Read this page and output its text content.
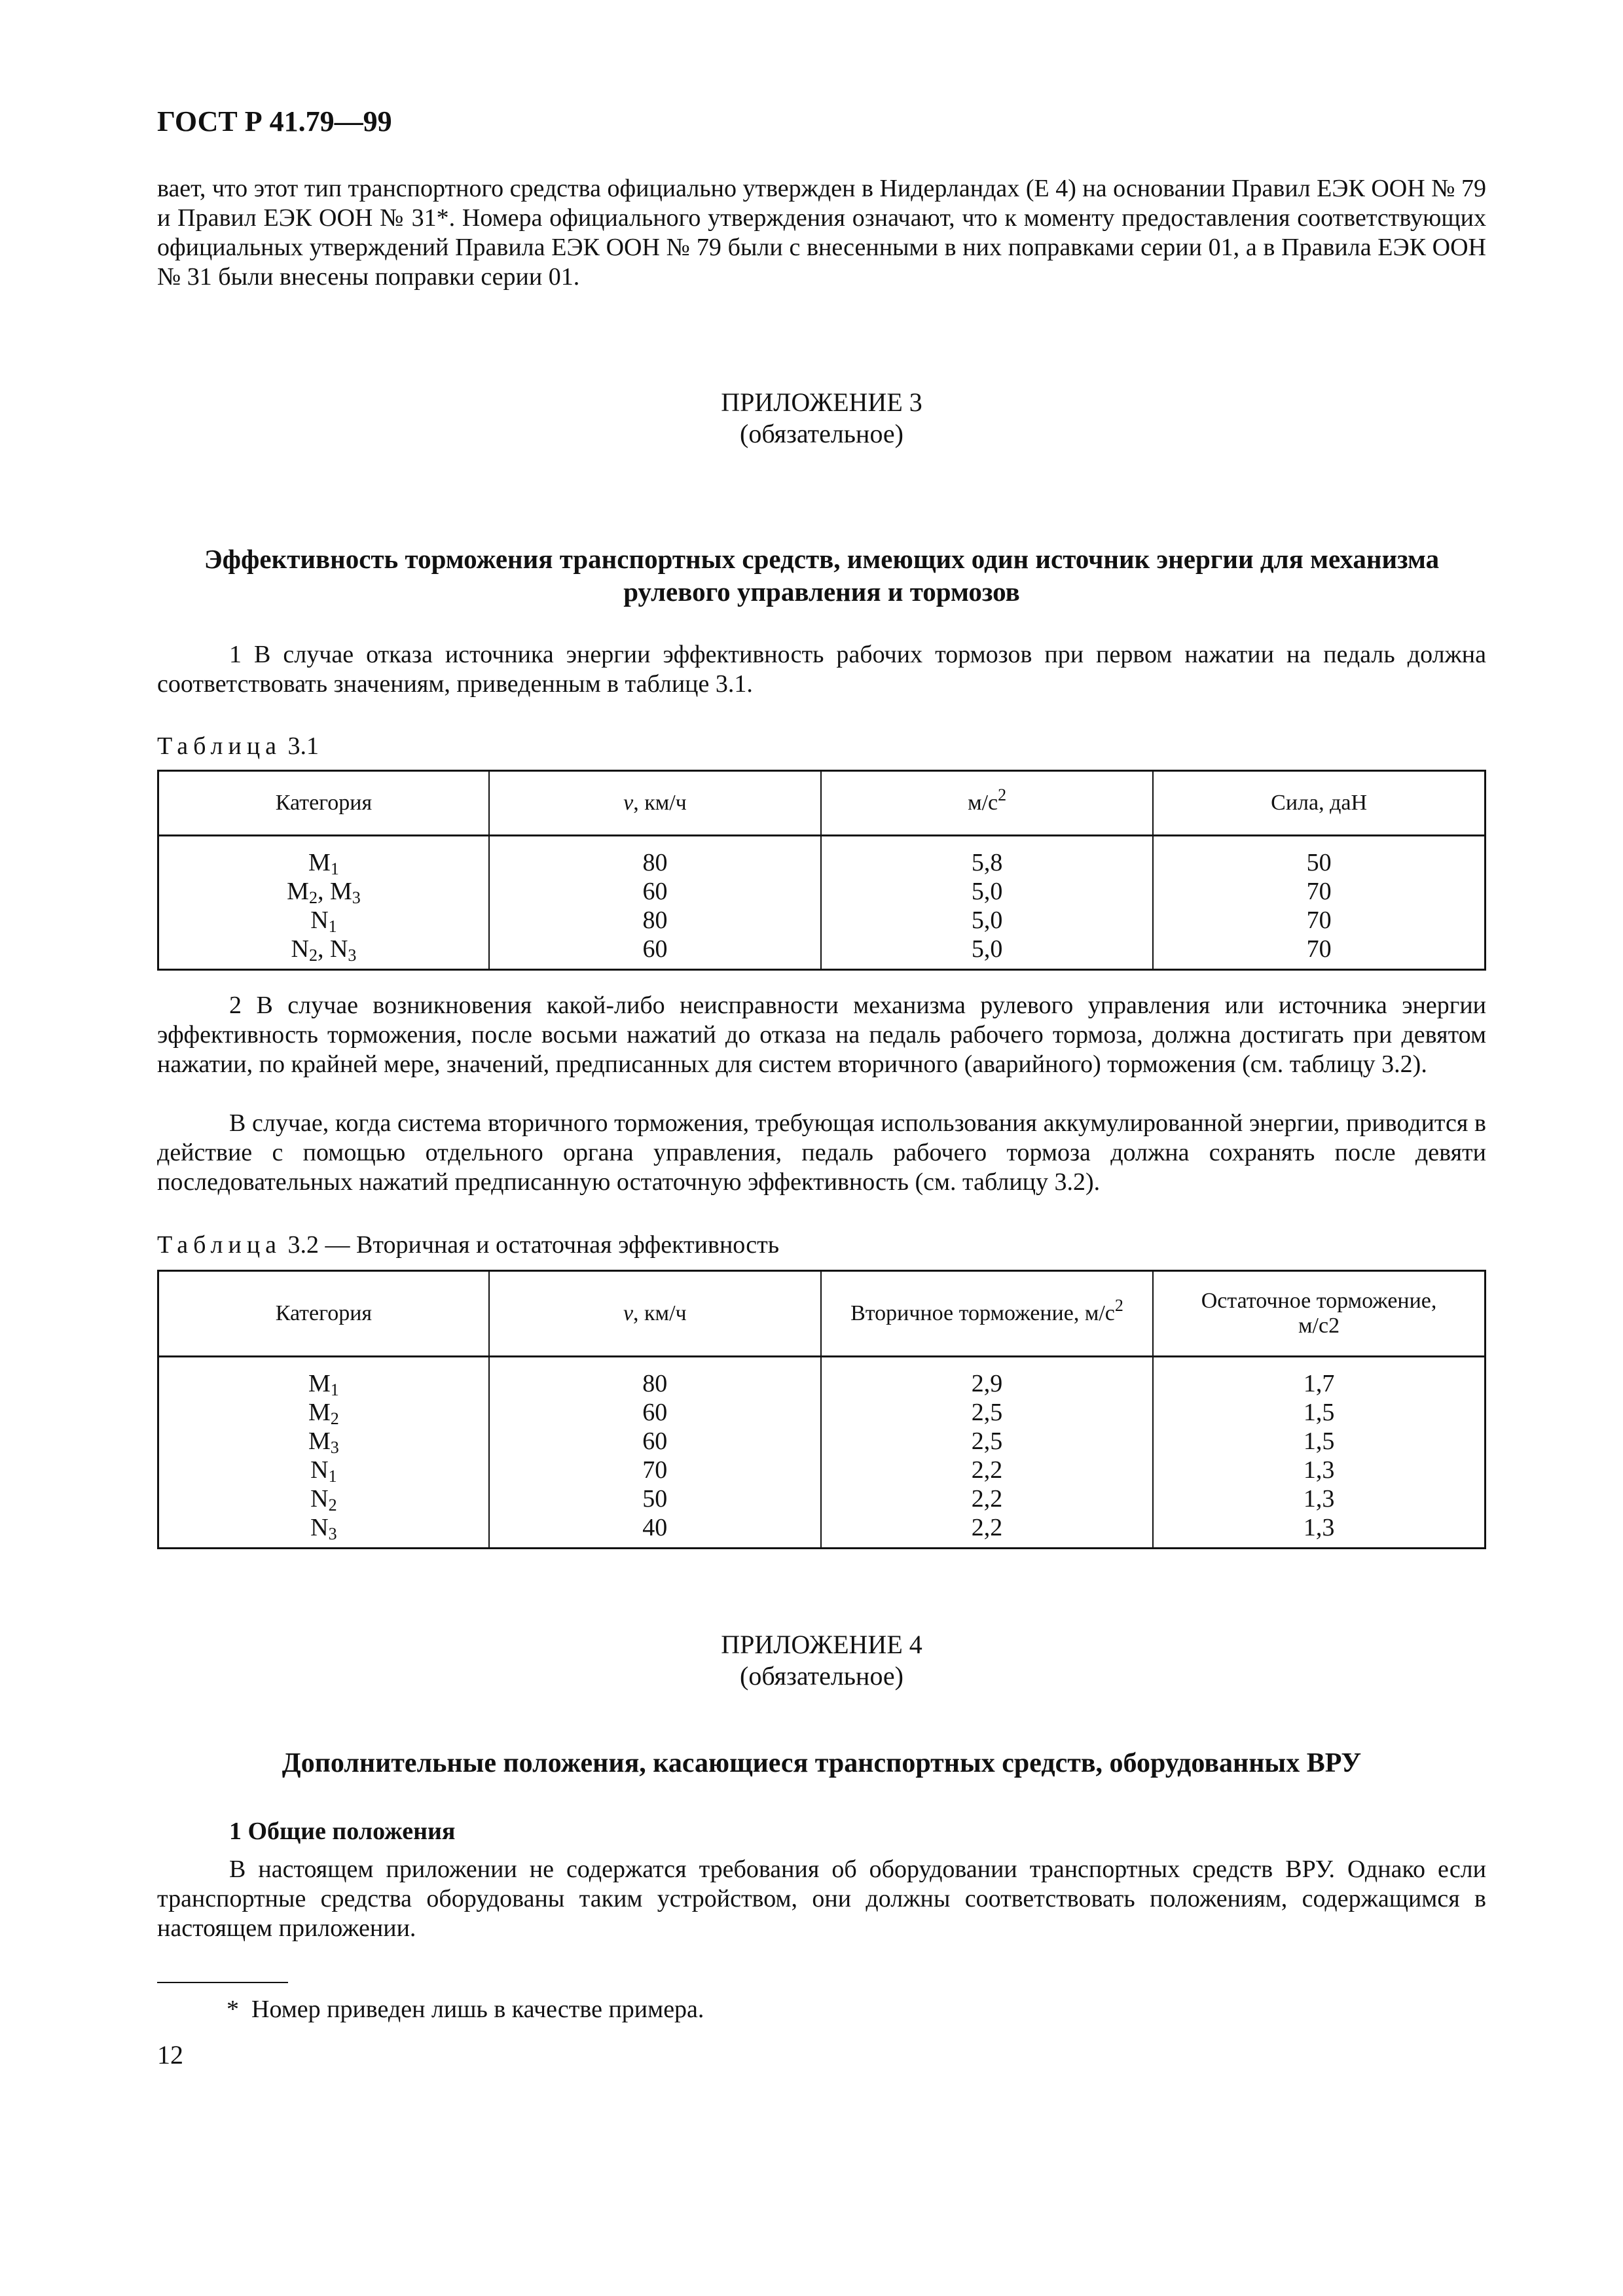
ГОСТ Р 41.79—99
вает, что этот тип транспортного средства официально утвержден в Нидерландах (Е 4) на основании Правил ЕЭК ООН № 79 и Правил ЕЭК ООН № 31*. Номера официального утверждения означают, что к моменту предоставления соответствующих официальных утверждений Правила ЕЭК ООН № 79 были с внесенными в них поправками серии 01, а в Правила ЕЭК ООН № 31 были внесены поправки серии 01.
ПРИЛОЖЕНИЕ 3
(обязательное)
Эффективность торможения транспортных средств, имеющих один источник энергии для механизма
рулевого управления и тормозов
1 В случае отказа источника энергии эффективность рабочих тормозов при первом нажатии на педаль должна соответствовать значениям, приведенным в таблице 3.1.
Таблица 3.1
Категория	v, км/ч	$м/с^2$	Сила, даН
$M_1$	80	5,8	50
$M_2$, $M_3$	60	5,0	70
$N_1$	80	5,0	70
$N_2$, $N_3$	60	5,0	70
2 В случае возникновения какой-либо неисправности механизма рулевого управления или источника энергии эффективность торможения, после восьми нажатий до отказа на педаль рабочего тормоза, должна достигать при девятом нажатии, по крайней мере, значений, предписанных для систем вторичного (аварийного) торможения (см. таблицу 3.2).
В случае, когда система вторичного торможения, требующая использования аккумулированной энергии, приводится в действие с помощью отдельного органа управления, педаль рабочего тормоза должна сохранять после девяти последовательных нажатий предписанную остаточную эффективность (см. таблицу 3.2).
Таблица 3.2 — Вторичная и остаточная эффективность
Категория	v, км/ч	Вторичное торможение, $м/с^2$	Остаточное торможение,
м/с2

$M_1$	80	2,9	1,7
$M_2$	60	2,5	1,5
$M_3$	60	2,5	1,5
$N_1$	70	2,2	1,3
$N_2$	50	2,2	1,3
$N_3$	40	2,2	1,3
ПРИЛОЖЕНИЕ 4
(обязательное)
Дополнительные положения, касающиеся транспортных средств, оборудованных ВРУ
1 Общие положения
В настоящем приложении не содержатся требования об оборудовании транспортных средств ВРУ. Однако если транспортные средства оборудованы таким устройством, они должны соответствовать положениям, содержащимся в настоящем приложении.
*  Номер приведен лишь в качестве примера.
12
